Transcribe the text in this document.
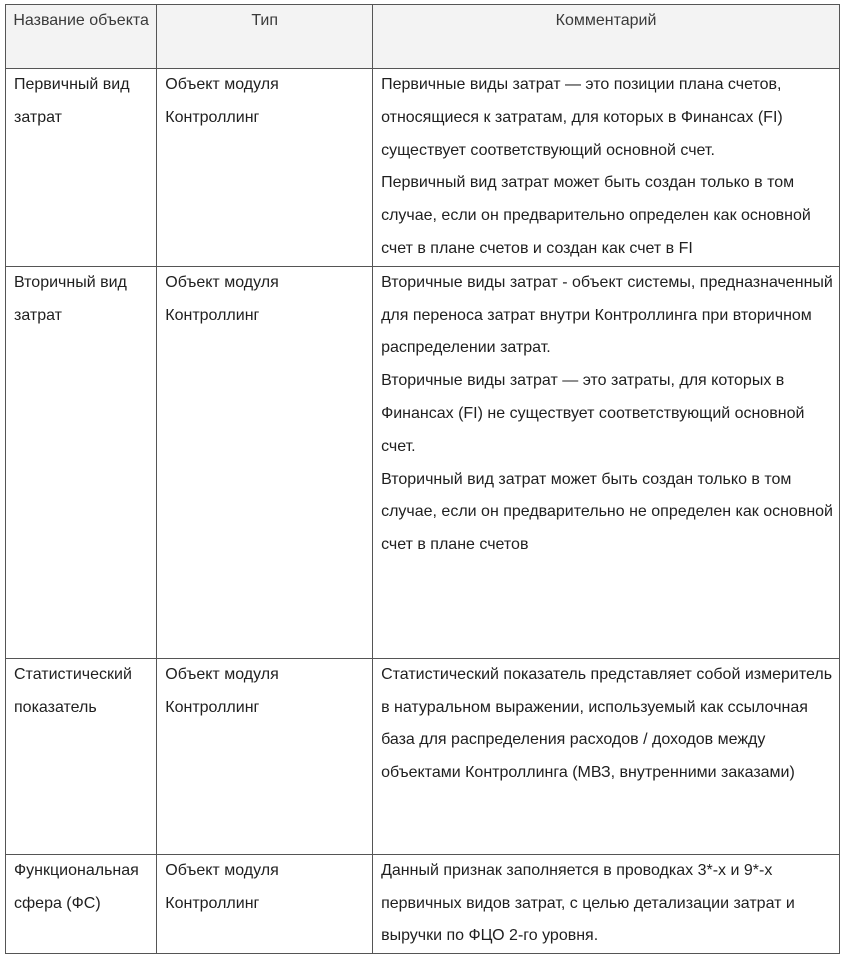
Название объекта	Тип	Комментарий
Первичный вид затрат	Объект модуля Контроллинг	Первичные виды затрат — это позиции плана счетов, относящиеся к затратам, для которых в Финансах (FI) существует соответствующий основной счет.
Первичный вид затрат может быть создан только в том случае, если он предварительно определен как основной счет в плане счетов и создан как счет в FI

Вторичный вид затрат	Объект модуля Контроллинг	Вторичные виды затрат - объект системы, предназначенный для переноса затрат внутри Контроллинга при вторичном распределении затрат.
Вторичные виды затрат — это затраты, для которых в Финансах (FI) не существует соответствующий основной счет.
Вторичный вид затрат может быть создан только в том случае, если он предварительно не определен как основной счет в плане счетов

Статистический показатель	Объект модуля Контроллинг	Статистический показатель представляет собой измеритель в натуральном выражении, используемый как ссылочная база для распределения расходов / доходов между объектами Контроллинга (МВЗ, внутренними заказами)

Функциональная сфера (ФС)	Объект модуля Контроллинг	Данный признак заполняется в проводках 3*-х и 9*-х первичных видов затрат, с целью детализации затрат и выручки по ФЦО 2-го уровня.
